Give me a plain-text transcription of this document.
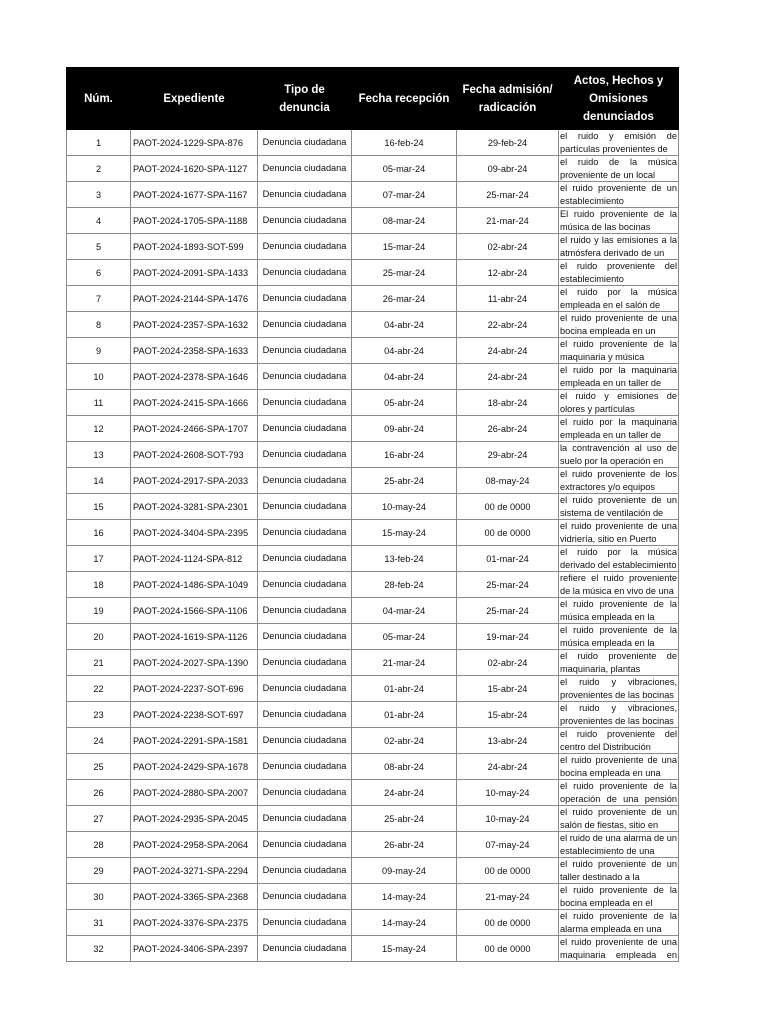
Núm.	Expediente	Tipo de denuncia	Fecha recepción	Fecha admisión/ radicación	Actos, Hechos y Omisiones denunciados
1	PAOT-2024-1229-SPA-876	Denuncia ciudadana	16-feb-24	29-feb-24	el ruido y emisión de partículas provenientes de

2	PAOT-2024-1620-SPA-1127	Denuncia ciudadana	05-mar-24	09-abr-24	el ruido de la música proveniente de un local

3	PAOT-2024-1677-SPA-1167	Denuncia ciudadana	07-mar-24	25-mar-24	el ruido proveniente de un establecimiento

4	PAOT-2024-1705-SPA-1188	Denuncia ciudadana	08-mar-24	21-mar-24	El ruido proveniente de la música de las bocinas

5	PAOT-2024-1893-SOT-599	Denuncia ciudadana	15-mar-24	02-abr-24	el ruido y las emisiones a la atmósfera derivado de un

6	PAOT-2024-2091-SPA-1433	Denuncia ciudadana	25-mar-24	12-abr-24	el ruido proveniente del establecimiento

7	PAOT-2024-2144-SPA-1476	Denuncia ciudadana	26-mar-24	11-abr-24	el ruido por la música empleada en el salón de

8	PAOT-2024-2357-SPA-1632	Denuncia ciudadana	04-abr-24	22-abr-24	el ruido proveniente de una bocina empleada en un

9	PAOT-2024-2358-SPA-1633	Denuncia ciudadana	04-abr-24	24-abr-24	el ruido proveniente de la maquinaria y música

10	PAOT-2024-2378-SPA-1646	Denuncia ciudadana	04-abr-24	24-abr-24	el ruido por la maquinaria empleada en un taller de

11	PAOT-2024-2415-SPA-1666	Denuncia ciudadana	05-abr-24	18-abr-24	el ruido y emisiones de olores y partículas

12	PAOT-2024-2466-SPA-1707	Denuncia ciudadana	09-abr-24	26-abr-24	el ruido por la maquinaria empleada en un taller de

13	PAOT-2024-2608-SOT-793	Denuncia ciudadana	16-abr-24	29-abr-24	la contravención al uso de suelo por la operación en

14	PAOT-2024-2917-SPA-2033	Denuncia ciudadana	25-abr-24	08-may-24	el ruido proveniente de los extractores y/o equipos

15	PAOT-2024-3281-SPA-2301	Denuncia ciudadana	10-may-24	00 de 0000	el ruido proveniente de un sistema de ventilación de

16	PAOT-2024-3404-SPA-2395	Denuncia ciudadana	15-may-24	00 de 0000	el ruido proveniente de una vidriería, sitio en Puerto

17	PAOT-2024-1124-SPA-812	Denuncia ciudadana	13-feb-24	01-mar-24	el ruido por la música derivado del establecimiento

18	PAOT-2024-1486-SPA-1049	Denuncia ciudadana	28-feb-24	25-mar-24	refiere el ruido proveniente de la música en vivo de una

19	PAOT-2024-1566-SPA-1106	Denuncia ciudadana	04-mar-24	25-mar-24	el ruido proveniente de la música empleada en la

20	PAOT-2024-1619-SPA-1126	Denuncia ciudadana	05-mar-24	19-mar-24	el ruido proveniente de la música empleada en la

21	PAOT-2024-2027-SPA-1390	Denuncia ciudadana	21-mar-24	02-abr-24	el ruido proveniente de maquinaria, plantas

22	PAOT-2024-2237-SOT-696	Denuncia ciudadana	01-abr-24	15-abr-24	el ruido y vibraciones, provenientes de las bocinas

23	PAOT-2024-2238-SOT-697	Denuncia ciudadana	01-abr-24	15-abr-24	el ruido y vibraciones, provenientes de las bocinas

24	PAOT-2024-2291-SPA-1581	Denuncia ciudadana	02-abr-24	13-abr-24	el ruido proveniente del centro del Distribución

25	PAOT-2024-2429-SPA-1678	Denuncia ciudadana	08-abr-24	24-abr-24	el ruido proveniente de una bocina empleada en una

26	PAOT-2024-2880-SPA-2007	Denuncia ciudadana	24-abr-24	10-may-24	el ruido proveniente de la operación de una pensión

27	PAOT-2024-2935-SPA-2045	Denuncia ciudadana	25-abr-24	10-may-24	el ruido proveniente de un salón de fiestas, sitio en

28	PAOT-2024-2958-SPA-2064	Denuncia ciudadana	26-abr-24	07-may-24	el ruido de una alarma de un establecimiento de una

29	PAOT-2024-3271-SPA-2294	Denuncia ciudadana	09-may-24	00 de 0000	el ruido proveniente de un taller destinado a la

30	PAOT-2024-3365-SPA-2368	Denuncia ciudadana	14-may-24	21-may-24	el ruido proveniente de la bocina empleada en el

31	PAOT-2024-3376-SPA-2375	Denuncia ciudadana	14-may-24	00 de 0000	el ruido proveniente de la alarma empleada en una

32	PAOT-2024-3406-SPA-2397	Denuncia ciudadana	15-may-24	00 de 0000	el ruido proveniente de una maquinaria empleada en
